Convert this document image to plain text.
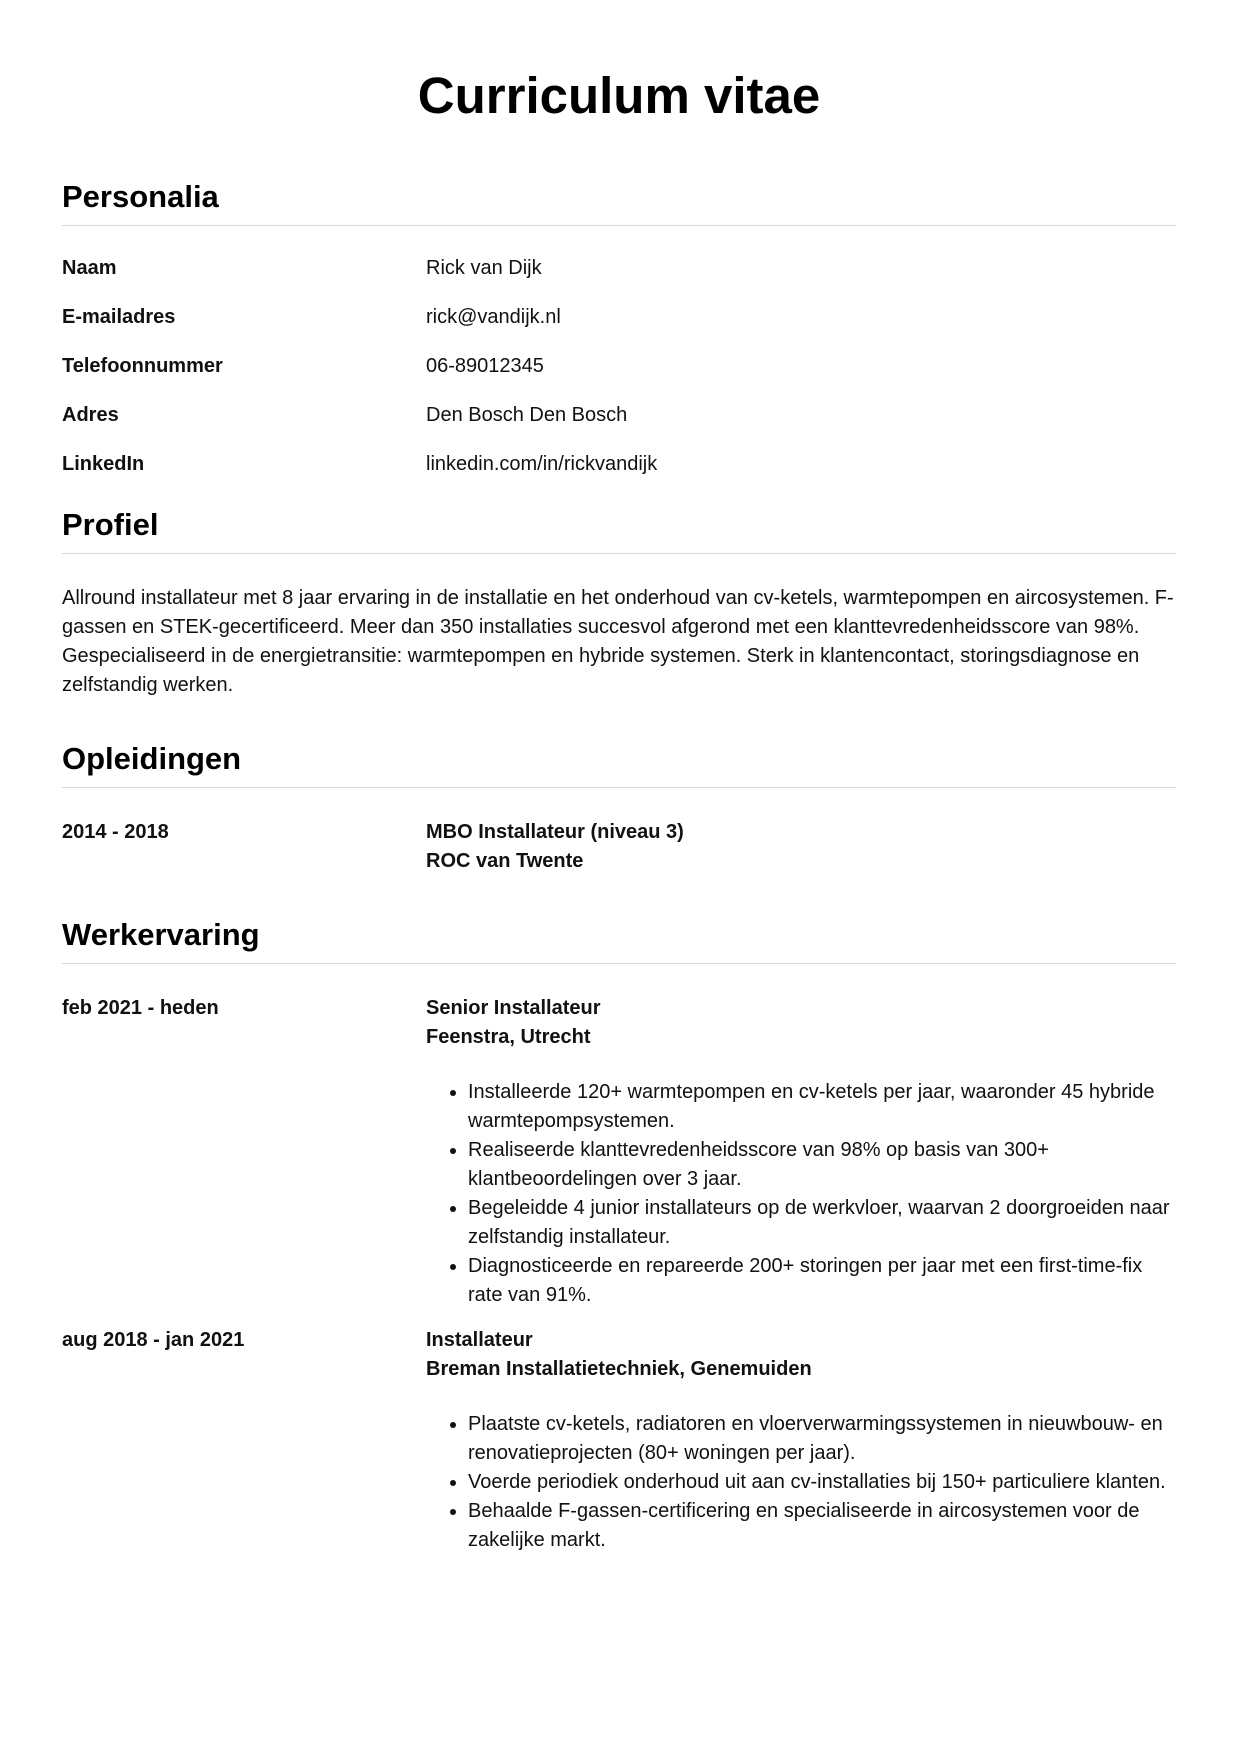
Curriculum vitae
Personalia
Naam	Rick van Dijk
E-mailadres	rick@vandijk.nl
Telefoonnummer	06-89012345
Adres	Den Bosch Den Bosch
LinkedIn	linkedin.com/in/rickvandijk
Profiel
Allround installateur met 8 jaar ervaring in de installatie en het onderhoud van cv-ketels, warmtepompen en aircosystemen. F-gassen en STEK-gecertificeerd. Meer dan 350 installaties succesvol afgerond met een klanttevredenheidsscore van 98%. Gespecialiseerd in de energietransitie: warmtepompen en hybride systemen. Sterk in klantencontact, storingsdiagnose en zelfstandig werken.
Opleidingen
2014 - 2018	MBO Installateur (niveau 3)
ROC van Twente
Werkervaring
feb 2021 - heden	Senior Installateur
Feenstra, Utrecht
• Installeerde 120+ warmtepompen en cv-ketels per jaar, waaronder 45 hybride warmtepompsystemen.
• Realiseerde klanttevredenheidsscore van 98% op basis van 300+ klantbeoordelingen over 3 jaar.
• Begeleidde 4 junior installateurs op de werkvloer, waarvan 2 doorgroeiden naar zelfstandig installateur.
• Diagnosticeerde en repareerde 200+ storingen per jaar met een first-time-fix rate van 91%.
aug 2018 - jan 2021	Installateur
Breman Installatietechniek, Genemuiden
• Plaatste cv-ketels, radiatoren en vloerverwarmingssystemen in nieuwbouw- en renovatieprojecten (80+ woningen per jaar).
• Voerde periodiek onderhoud uit aan cv-installaties bij 150+ particuliere klanten.
• Behaalde F-gassen-certificering en specialiseerde in aircosystemen voor de zakelijke markt.
